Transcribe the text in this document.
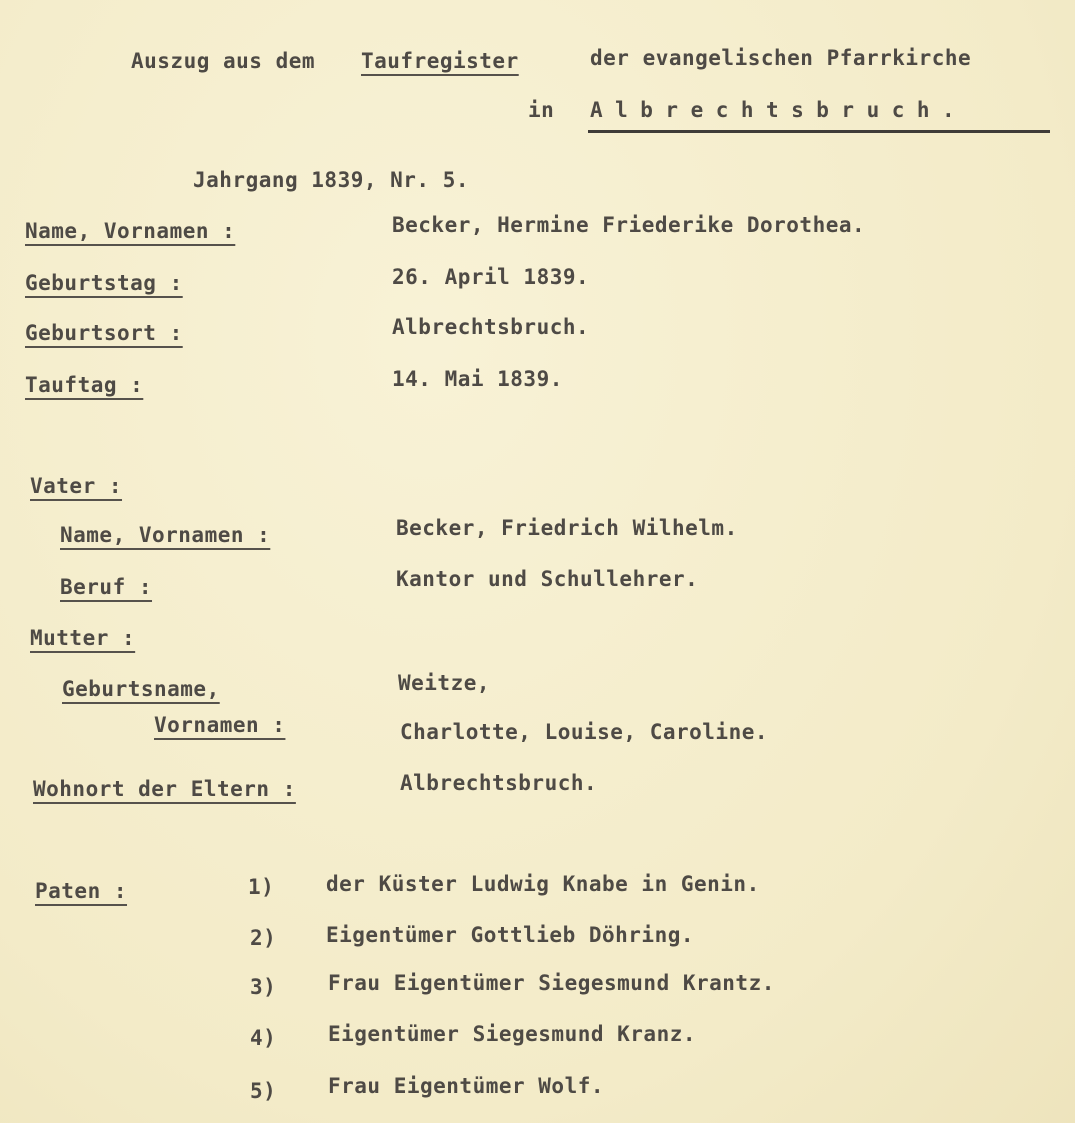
Auszug aus dem Taufregister	der evangelischen Pfarrkirche
in Albrechtsbruch.
Jahrgang 1839, Nr. 5.
Name, Vornamen :	Becker, Hermine Friederike Dorothea.
Geburtstag :	26. April 1839.
Geburtsort :	Albrechtsbruch.
Tauftag :	14. Mai 1839.
Vater :
Name, Vornamen :	Becker, Friedrich Wilhelm.
Beruf :	Kantor und Schullehrer.
Mutter :
Geburtsname,	Weitze,
Vornamen :	Charlotte, Louise, Caroline.
Wohnort der Eltern :	Albrechtsbruch.
Paten :	1) der Küster Ludwig Knabe in Genin.
2) Eigentümer Gottlieb Döhring.
3) Frau Eigentümer Siegesmund Krantz.
4) Eigentümer Siegesmund Kranz.
5) Frau Eigentümer Wolf.
